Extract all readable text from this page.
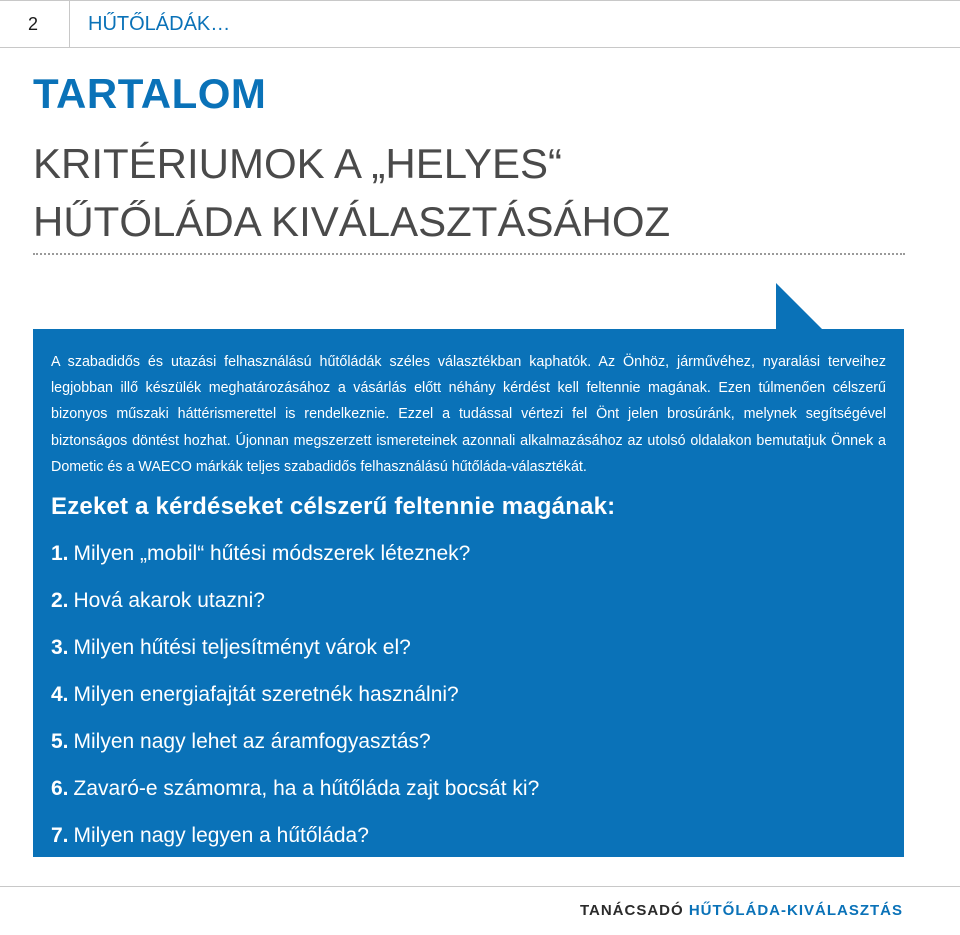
2	HŰTŐLÁDÁK…
TARTALOM
KRITÉRIUMOK A „HELYES“
HŰTŐLÁDA KIVÁLASZTÁSÁHOZ

A szabadidős és utazási felhasználású hűtőládák széles választékban kaphatók. Az Önhöz, járművéhez, nyaralási terveihez legjobban illő készülék meghatározásához a vásárlás előtt néhány kérdést kell feltennie magának. Ezen túlmenően célszerű bizonyos műszaki háttérismerettel is rendelkeznie. Ezzel a tudással vértezi fel Önt jelen brosúránk, melynek segítségével biztonságos döntést hozhat. Újonnan megszerzett ismereteinek azonnali alkalmazásához az utolsó oldalakon bemutatjuk Önnek a Dometic és a WAECO márkák teljes szabadidős felhasználású hűtőláda-választékát.

Ezeket a kérdéseket célszerű feltennie magának:
1. Milyen „mobil“ hűtési módszerek léteznek?
2. Hová akarok utazni?
3. Milyen hűtési teljesítményt várok el?
4. Milyen energiafajtát szeretnék használni?
5. Milyen nagy lehet az áramfogyasztás?
6. Zavaró-e számomra, ha a hűtőláda zajt bocsát ki?
7. Milyen nagy legyen a hűtőláda?
TANÁCSADÓ HŰTŐLÁDA-KIVÁLASZTÁS
